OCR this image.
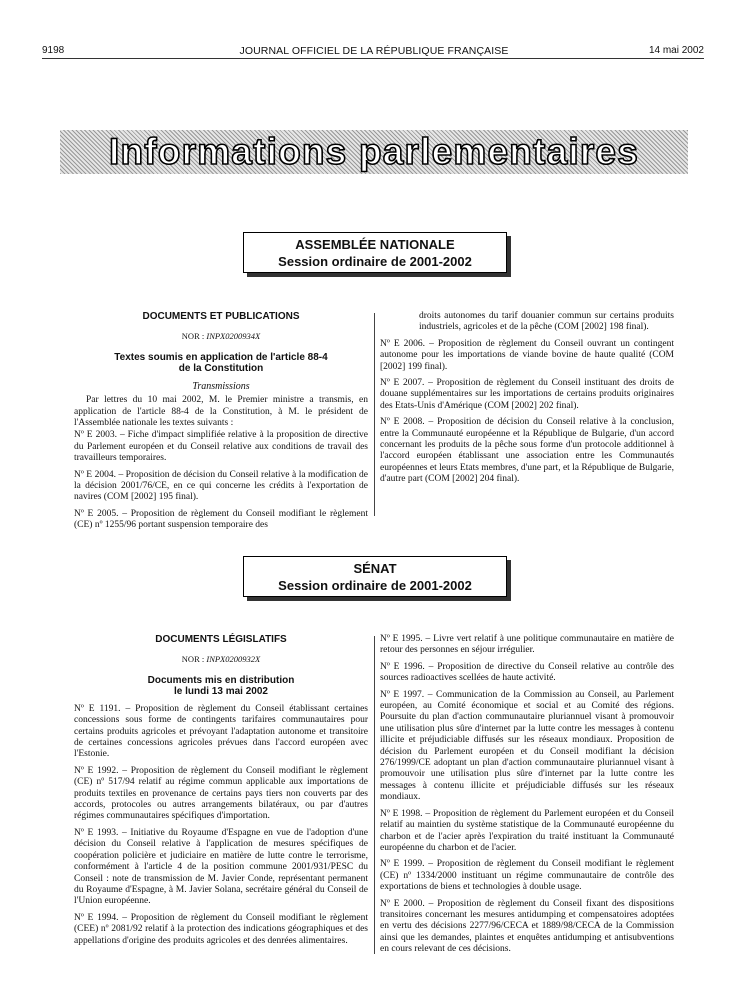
9198	JOURNAL OFFICIEL DE LA RÉPUBLIQUE FRANÇAISE	14 mai 2002
Informations parlementaires
ASSEMBLÉE NATIONALE
Session ordinaire de 2001-2002
DOCUMENTS ET PUBLICATIONS
NOR : INPX0200934X
Textes soumis en application de l'article 88-4
de la Constitution
Transmissions
Par lettres du 10 mai 2002, M. le Premier ministre a transmis, en application de l'article 88-4 de la Constitution, à M. le président de l'Assemblée nationale les textes suivants :
Nº E 2003. – Fiche d'impact simplifiée relative à la proposition de directive du Parlement européen et du Conseil relative aux conditions de travail des travailleurs temporaires.
Nº E 2004. – Proposition de décision du Conseil relative à la modification de la décision 2001/76/CE, en ce qui concerne les crédits à l'exportation de navires (COM [2002] 195 final).
Nº E 2005. – Proposition de règlement du Conseil modifiant le règlement (CE) nº 1255/96 portant suspension temporaire des
droits autonomes du tarif douanier commun sur certains produits industriels, agricoles et de la pêche (COM [2002] 198 final).
Nº E 2006. – Proposition de règlement du Conseil ouvrant un contingent autonome pour les importations de viande bovine de haute qualité (COM [2002] 199 final).
Nº E 2007. – Proposition de règlement du Conseil instituant des droits de douane supplémentaires sur les importations de certains produits originaires des Etats-Unis d'Amérique (COM [2002] 202 final).
Nº E 2008. – Proposition de décision du Conseil relative à la conclusion, entre la Communauté européenne et la République de Bulgarie, d'un accord concernant les produits de la pêche sous forme d'un protocole additionnel à l'accord européen établissant une association entre les Communautés européennes et leurs Etats membres, d'une part, et la République de Bulgarie, d'autre part (COM [2002] 204 final).
SÉNAT
Session ordinaire de 2001-2002
DOCUMENTS LÉGISLATIFS
NOR : INPX0200932X
Documents mis en distribution
le lundi 13 mai 2002
Nº E 1191. – Proposition de règlement du Conseil établissant certaines concessions sous forme de contingents tarifaires communautaires pour certains produits agricoles et prévoyant l'adaptation autonome et transitoire de certaines concessions agricoles prévues dans l'accord européen avec l'Estonie.
Nº E 1992. – Proposition de règlement du Conseil modifiant le règlement (CE) nº 517/94 relatif au régime commun applicable aux importations de produits textiles en provenance de certains pays tiers non couverts par des accords, protocoles ou autres arrangements bilatéraux, ou par d'autres régimes communautaires spécifiques d'importation.
Nº E 1993. – Initiative du Royaume d'Espagne en vue de l'adoption d'une décision du Conseil relative à l'application de mesures spécifiques de coopération policière et judiciaire en matière de lutte contre le terrorisme, conformément à l'article 4 de la position commune 2001/931/PESC du Conseil : note de transmission de M. Javier Conde, représentant permanent du Royaume d'Espagne, à M. Javier Solana, secrétaire général du Conseil de l'Union européenne.
Nº E 1994. – Proposition de règlement du Conseil modifiant le règlement (CEE) nº 2081/92 relatif à la protection des indications géographiques et des appellations d'origine des produits agricoles et des denrées alimentaires.
Nº E 1995. – Livre vert relatif à une politique communautaire en matière de retour des personnes en séjour irrégulier.
Nº E 1996. – Proposition de directive du Conseil relative au contrôle des sources radioactives scellées de haute activité.
Nº E 1997. – Communication de la Commission au Conseil, au Parlement européen, au Comité économique et social et au Comité des régions. Poursuite du plan d'action communautaire pluriannuel visant à promouvoir une utilisation plus sûre d'internet par la lutte contre les messages à contenu illicite et préjudiciable diffusés sur les réseaux mondiaux. Proposition de décision du Parlement européen et du Conseil modifiant la décision 276/1999/CE adoptant un plan d'action communautaire pluriannuel visant à promouvoir une utilisation plus sûre d'internet par la lutte contre les messages à contenu illicite et préjudiciable diffusés sur les réseaux mondiaux.
Nº E 1998. – Proposition de règlement du Parlement européen et du Conseil relatif au maintien du système statistique de la Communauté européenne du charbon et de l'acier après l'expiration du traité instituant la Communauté européenne du charbon et de l'acier.
Nº E 1999. – Proposition de règlement du Conseil modifiant le règlement (CE) nº 1334/2000 instituant un régime communautaire de contrôle des exportations de biens et technologies à double usage.
Nº E 2000. – Proposition de règlement du Conseil fixant des dispositions transitoires concernant les mesures antidumping et compensatoires adoptées en vertu des décisions 2277/96/CECA et 1889/98/CECA de la Commission ainsi que les demandes, plaintes et enquêtes antidumping et antisubventions en cours relevant de ces décisions.
